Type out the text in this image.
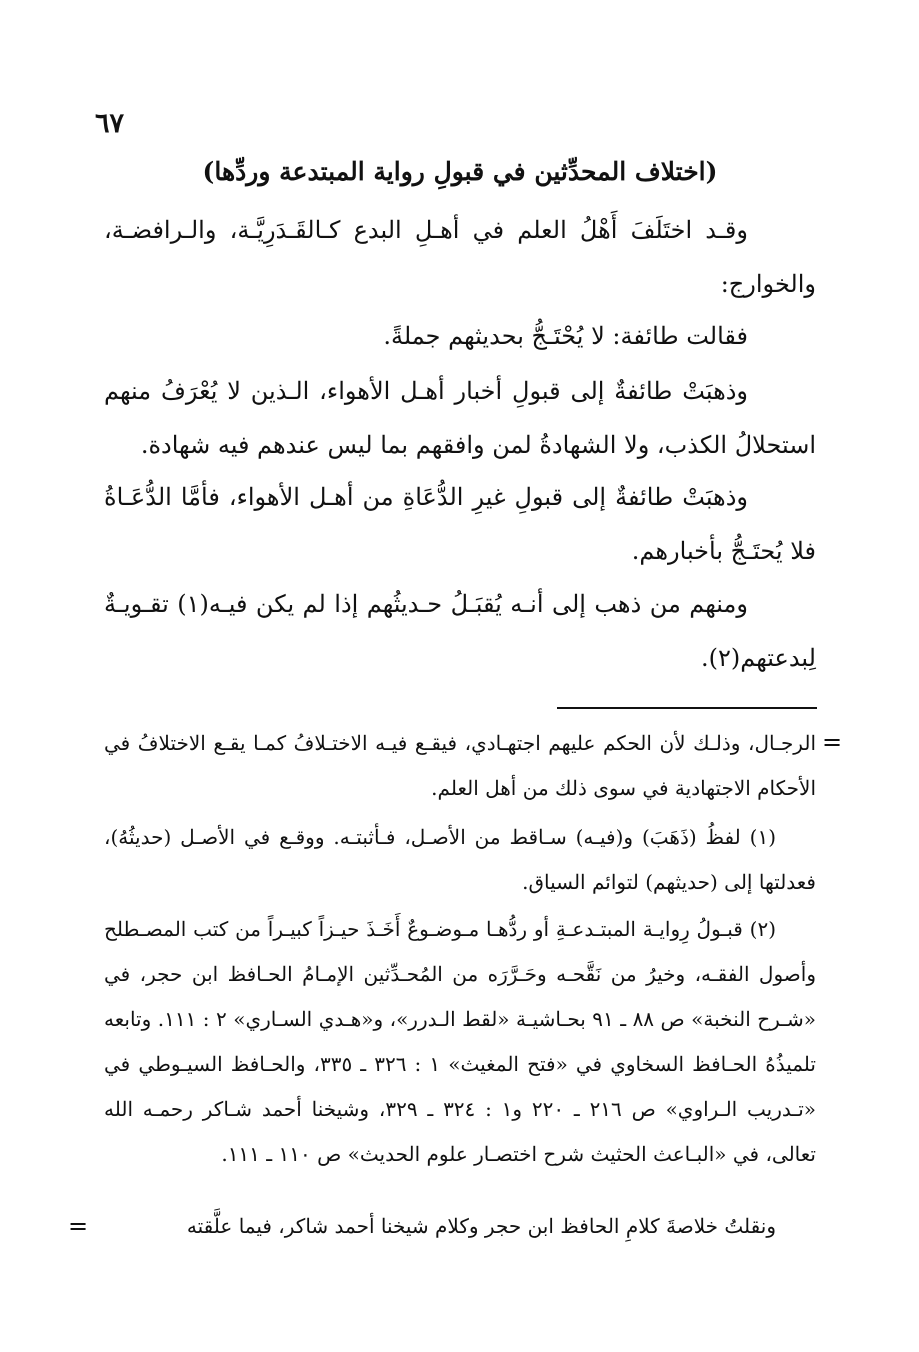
٦٧

(اختلاف المحدِّثين في قبولِ رواية المبتدعة وردِّها)

وقـد اختَلَفَ أَهْلُ العلم في أهـلِ البدع كـالقَـدَرِيَّـة، والـرافضـة، والخوارج:

فقالت طائفة: لا يُحْتَـجُّ بحديثهم جملةً.

وذهبَتْ طائفةٌ إلى قبولِ أخبار أهـل الأهواء، الـذين لا يُعْرَفُ منهم استحلالُ الكذب، ولا الشهادةُ لمن وافقهم بما ليس عندهم فيه شهادة.

وذهبَتْ طائفةٌ إلى قبولِ غيرِ الدُّعَاةِ من أهـل الأهواء، فأمَّا الدُّعَـاةُ فلا يُحتَـجُّ بأخبارهم.

ومنهم من ذهب إلى أنـه يُقبَـلُ حـديثُهم إذا لم يكن فيـه(١) تقـويـةٌ لِبدعتهم(٢).

=

الرجـال، وذلـك لأن الحكم عليهم اجتهـادي، فيقـع فيـه الاختـلافُ كمـا يقـع الاختلافُ في الأحكام الاجتهادية في سوى ذلك من أهل العلم.

(١) لفظُ (ذَهَبَ) و(فيـه) سـاقط من الأصـل، فـأثبتـه. ووقـع في الأصـل (حديثُهُ)، فعدلتها إلى (حديثهم) لتوائم السياق.

(٢) قبـولُ رِوايـة المبتـدعـةِ أو ردُّهـا مـوضـوعٌ أَخَـذَ حيـزاً كبيـراً من كتب المصـطلح وأصول الفقـه، وخيرُ من نَقَّحـه وحَـرَّرَه من المُحـدِّثين الإمـامُ الحـافظ ابن حجر، في «شـرح النخبة» ص ٨٨ ـ ٩١ بحـاشيـة «لقط الـدرر»، و«هـدي السـاري» ٢ : ١١١. وتابعه تلميذُهُ الحـافظ السخاوي في «فتح المغيث» ١ : ٣٢٦ ـ ٣٣٥، والحـافظ السيـوطي في «تـدريب الـراوي» ص ٢١٦ ـ ٢٢٠ و١ : ٣٢٤ ـ ٣٢٩، وشيخنا أحمد شـاكر رحمـه الله تعالى، في «البـاعث الحثيث شرح اختصـار علوم الحديث» ص ١١٠ ـ ١١١.

ونقلتُ خلاصةَ كلامِ الحافظ ابن حجر وكلام شيخنا أحمد شاكر، فيما علَّقته

=
